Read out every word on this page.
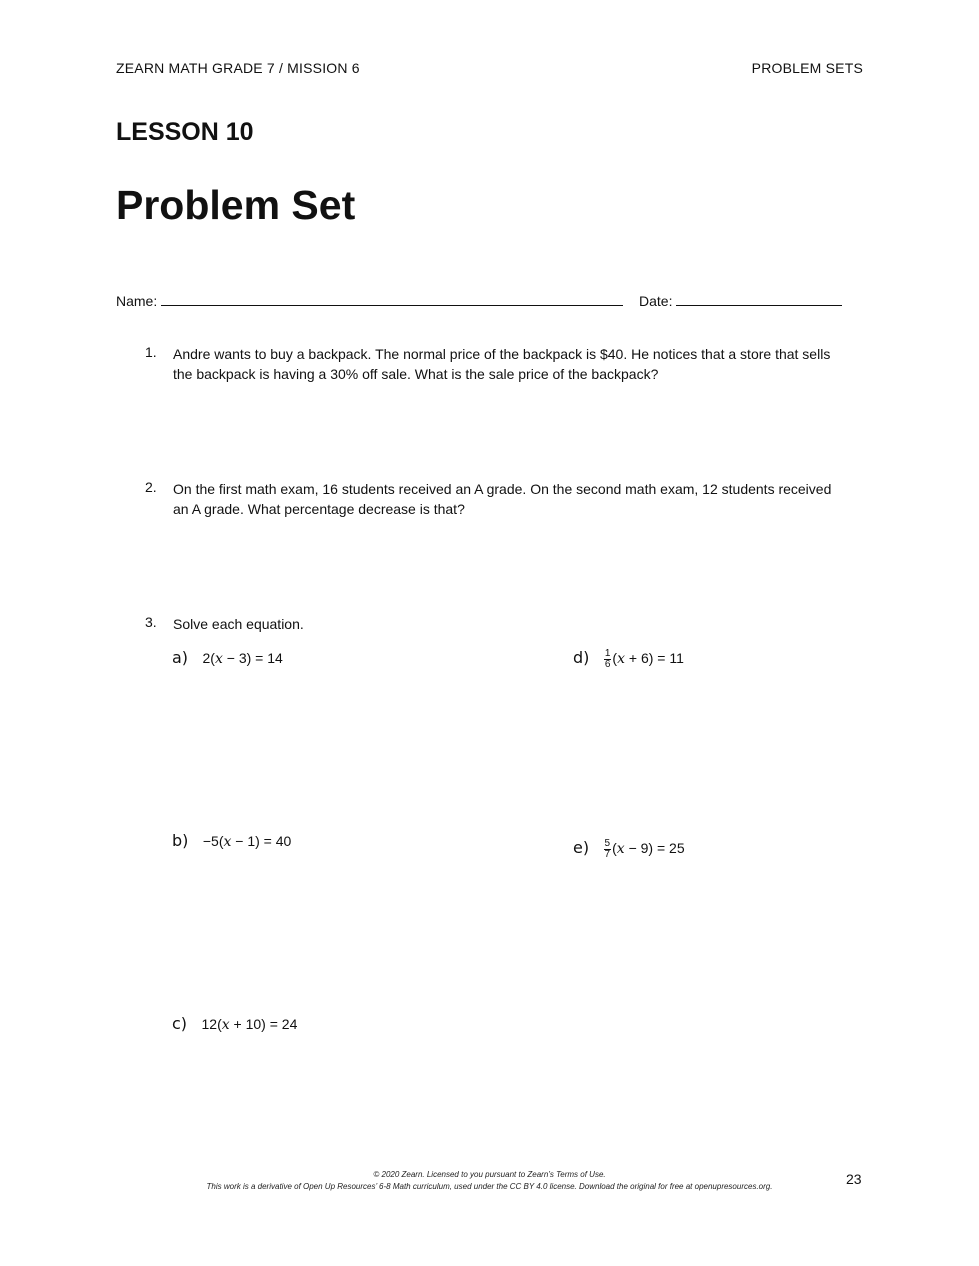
ZEARN MATH GRADE 7 / MISSION 6	PROBLEM SETS
LESSON 10
Problem Set
Name:	Date:
1. Andre wants to buy a backpack. The normal price of the backpack is $40. He notices that a store that sells
the backpack is having a 30% off sale. What is the sale price of the backpack?
2. On the first math exam, 16 students received an A grade. On the second math exam, 12 students received
an A grade. What percentage decrease is that?
3. Solve each equation.
a) 2(x − 3) = 14
b) −5(x − 1) = 40
c) 12(x + 10) = 24
$d) \frac{1}{6} (x + 6) = 11$
$e) \frac{5}{7} (x - 9) = 25$
© 2020 Zearn. Licensed to you pursuant to Zearn’s Terms of Use.
This work is a derivative of Open Up Resources’ 6-8 Math curriculum, used under the CC BY 4.0 license. Download the original for free at openupresources.org.	23
